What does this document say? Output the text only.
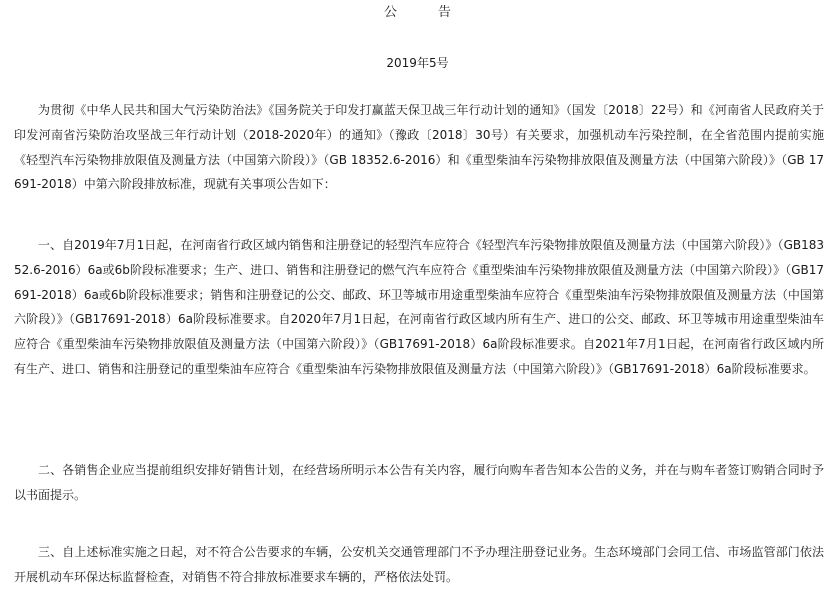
公　告
2019年5号

为贯彻《中华人民共和国大气污染防治法》《国务院关于印发打赢蓝天保卫战三年行动计划的通知》（国发〔2018〕22号）和《河南省人民政府关于印发河南省污染防治攻坚战三年行动计划（2018-2020年）的通知》（豫政〔2018〕30号）有关要求，加强机动车污染控制，在全省范围内提前实施《轻型汽车污染物排放限值及测量方法（中国第六阶段）》（GB 18352.6-2016）和《重型柴油车污染物排放限值及测量方法（中国第六阶段）》（GB 17691-2018）中第六阶段排放标准，现就有关事项公告如下：

一、自2019年7月1日起，在河南省行政区域内销售和注册登记的轻型汽车应符合《轻型汽车污染物排放限值及测量方法（中国第六阶段）》（GB18352.6-2016）6a或6b阶段标准要求；生产、进口、销售和注册登记的燃气汽车应符合《重型柴油车污染物排放限值及测量方法（中国第六阶段）》（GB17691-2018）6a或6b阶段标准要求；销售和注册登记的公交、邮政、环卫等城市用途重型柴油车应符合《重型柴油车污染物排放限值及测量方法（中国第六阶段）》（GB17691-2018）6a阶段标准要求。自2020年7月1日起，在河南省行政区域内所有生产、进口的公交、邮政、环卫等城市用途重型柴油车应符合《重型柴油车污染物排放限值及测量方法（中国第六阶段）》（GB17691-2018）6a阶段标准要求。自2021年7月1日起，在河南省行政区域内所有生产、进口、销售和注册登记的重型柴油车应符合《重型柴油车污染物排放限值及测量方法（中国第六阶段）》（GB17691-2018）6a阶段标准要求。

二、各销售企业应当提前组织安排好销售计划，在经营场所明示本公告有关内容，履行向购车者告知本公告的义务，并在与购车者签订购销合同时予以书面提示。

三、自上述标准实施之日起，对不符合公告要求的车辆，公安机关交通管理部门不予办理注册登记业务。生态环境部门会同工信、市场监管部门依法开展机动车环保达标监督检查，对销售不符合排放标准要求车辆的，严格依法处罚。
